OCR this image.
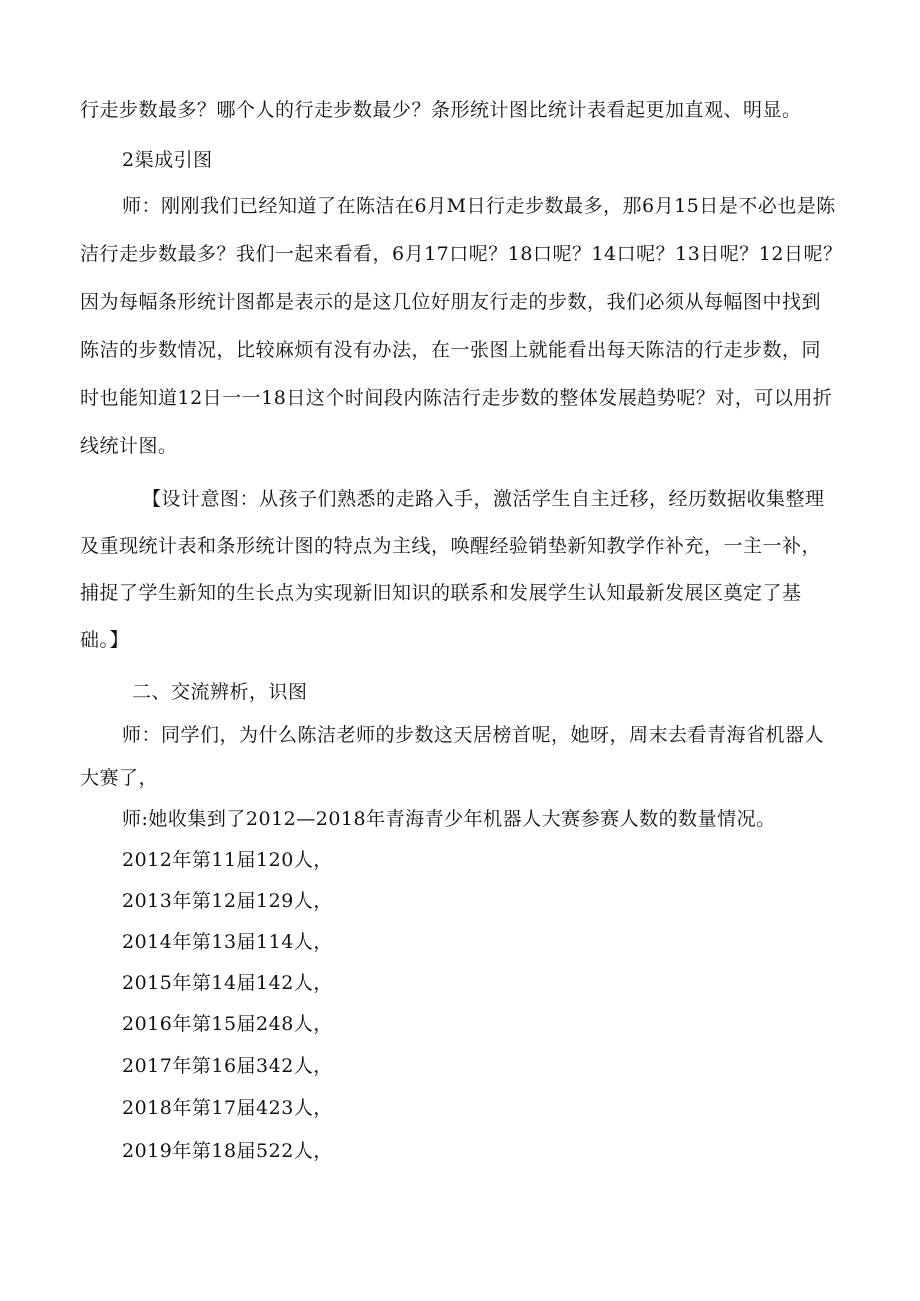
行走步数最多？哪个人的行走步数最少？条形统计图比统计表看起更加直观、明显。
2渠成引图
师：刚刚我们已经知道了在陈洁在6月M日行走步数最多，那6月15日是不必也是陈
洁行走步数最多？我们一起来看看，6月17口呢？18口呢？14口呢？13日呢？12日呢？
因为每幅条形统计图都是表示的是这几位好朋友行走的步数，我们必须从每幅图中找到
陈洁的步数情况，比较麻烦有没有办法，在一张图上就能看出每天陈洁的行走步数，同
时也能知道12日一一18日这个时间段内陈洁行走步数的整体发展趋势呢？对，可以用折
线统计图。
【设计意图：从孩子们熟悉的走路入手，激活学生自主迁移，经历数据收集整理
及重现统计表和条形统计图的特点为主线，唤醒经验销垫新知教学作补充，一主一补，
捕捉了学生新知的生长点为实现新旧知识的联系和发展学生认知最新发展区奠定了基
础。】
二、交流辨析，识图
师：同学们，为什么陈洁老师的步数这天居榜首呢，她呀，周末去看青海省机器人
大赛了，
师:她收集到了2012—2018年青海青少年机器人大赛参赛人数的数量情况。
2012年第11届120人，
2013年第12届129人，
2014年第13届114人，
2015年第14届142人，
2016年第15届248人，
2017年第16届342人，
2018年第17届423人，
2019年第18届522人，
